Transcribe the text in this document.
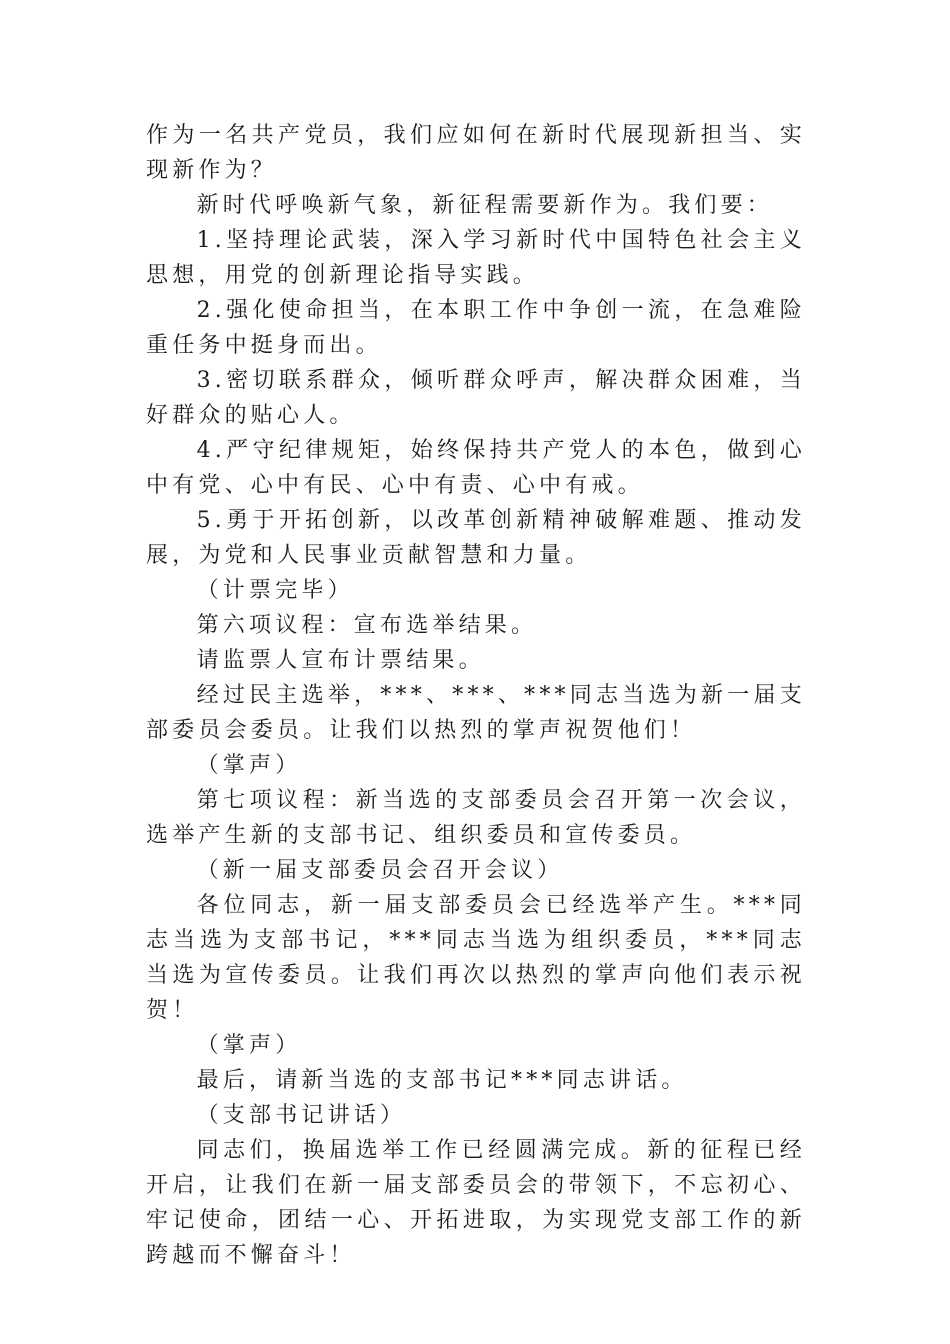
作为一名共产党员，我们应如何在新时代展现新担当、实现新作为？

新时代呼唤新气象，新征程需要新作为。我们要：

1.坚持理论武装，深入学习新时代中国特色社会主义思想，用党的创新理论指导实践。

2.强化使命担当，在本职工作中争创一流，在急难险重任务中挺身而出。

3.密切联系群众，倾听群众呼声，解决群众困难，当好群众的贴心人。

4.严守纪律规矩，始终保持共产党人的本色，做到心中有党、心中有民、心中有责、心中有戒。

5.勇于开拓创新，以改革创新精神破解难题、推动发展，为党和人民事业贡献智慧和力量。

（计票完毕）

第六项议程：宣布选举结果。

请监票人宣布计票结果。

经过民主选举，***、***、***同志当选为新一届支部委员会委员。让我们以热烈的掌声祝贺他们！

（掌声）

第七项议程：新当选的支部委员会召开第一次会议，选举产生新的支部书记、组织委员和宣传委员。

（新一届支部委员会召开会议）

各位同志，新一届支部委员会已经选举产生。***同志当选为支部书记，***同志当选为组织委员，***同志当选为宣传委员。让我们再次以热烈的掌声向他们表示祝贺！

（掌声）

最后，请新当选的支部书记***同志讲话。

（支部书记讲话）

同志们，换届选举工作已经圆满完成。新的征程已经开启，让我们在新一届支部委员会的带领下，不忘初心、牢记使命，团结一心、开拓进取，为实现党支部工作的新跨越而不懈奋斗！
